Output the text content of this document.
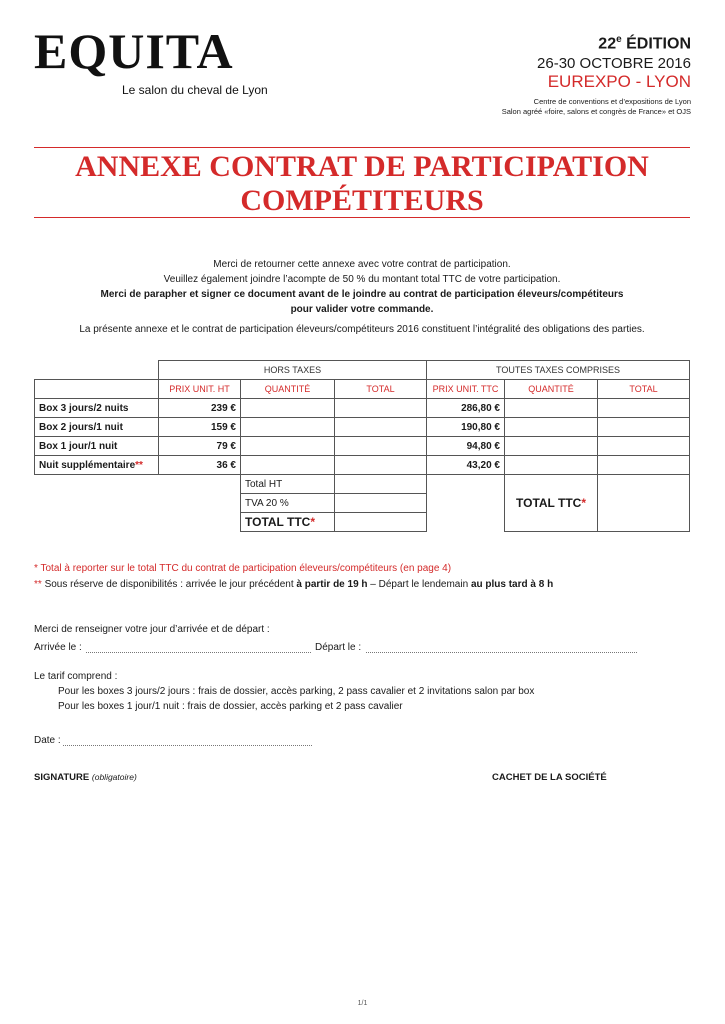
EQUITA
Le salon du cheval de Lyon
22e ÉDITION
26-30 OCTOBRE 2016
EUREXPO - LYON
Centre de conventions et d’expositions de Lyon
Salon agréé «foire, salons et congrès de France» et OJS
ANNEXE CONTRAT DE PARTICIPATION
COMPÉTITEURS
Merci de retourner cette annexe avec votre contrat de participation.
Veuillez également joindre l’acompte de 50 % du montant total TTC de votre participation.
Merci de parapher et signer ce document avant de le joindre au contrat de participation éleveurs/compétiteurs
pour valider votre commande.
La présente annexe et le contrat de participation éleveurs/compétiteurs 2016 constituent l’intégralité des obligations des parties.
	HORS TAXES			TOUTES TAXES COMPRISES		
	PRIX UNIT. HT	QUANTITÉ	TOTAL	PRIX UNIT. TTC	QUANTITÉ	TOTAL
Box 3 jours/2 nuits	239 €			286,80 €		
Box 2 jours/1 nuit	159 €			190,80 €		
Box 1 jour/1 nuit	79 €			94,80 €		
Nuit supplémentaire**	36 €			43,20 €		
		Total HT			TOTAL TTC*	
		TVA 20 %				
		TOTAL TTC*				
* Total à reporter sur le total TTC du contrat de participation éleveurs/compétiteurs (en page 4)
** Sous réserve de disponibilités : arrivée le jour précédent à partir de 19 h – Départ le lendemain au plus tard à 8 h
Merci de renseigner votre jour d’arrivée et de départ :
Arrivée le :	Départ le :
Le tarif comprend :
Pour les boxes 3 jours/2 jours : frais de dossier, accès parking, 2 pass cavalier et 2 invitations salon par box
Pour les boxes 1 jour/1 nuit : frais de dossier, accès parking et 2 pass cavalier
Date :
SIGNATURE (obligatoire)	CACHET DE LA SOCIÉTÉ
1/1
